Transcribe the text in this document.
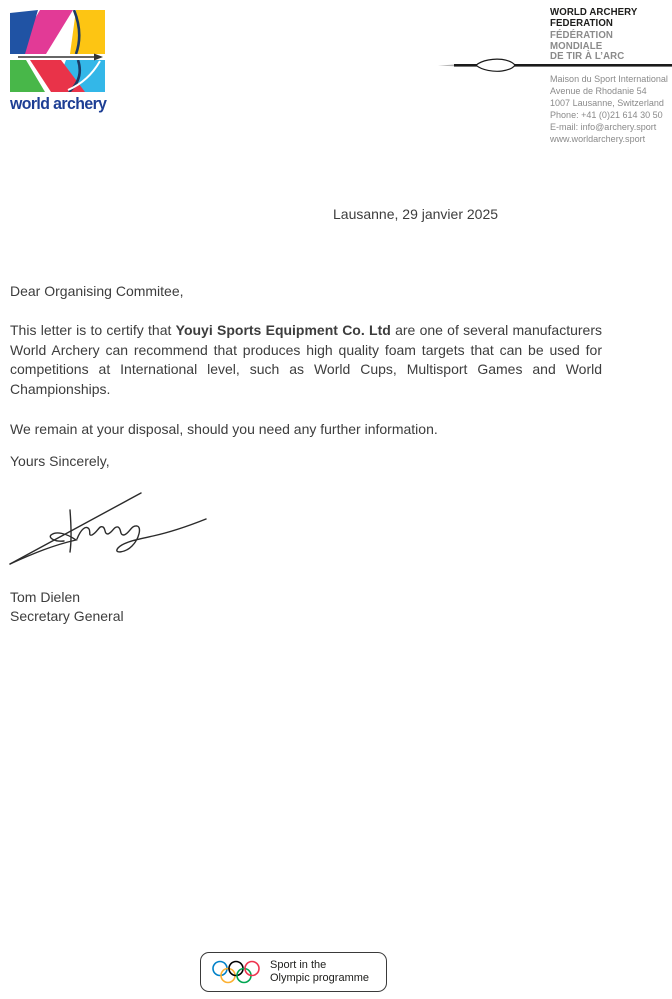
world archery
WORLD ARCHERY
FEDERATION
FÉDÉRATION
MONDIALE
DE TIR À L’ARC
Maison du Sport International
Avenue de Rhodanie 54
1007 Lausanne, Switzerland
Phone: +41 (0)21 614 30 50
E-mail: info@archery.sport
www.worldarchery.sport
Lausanne, 29 janvier 2025
Dear Organising Commitee,

This letter is to certify that Youyi Sports Equipment Co. Ltd are one of several manufacturers World Archery can recommend that produces high quality foam targets that can be used for competitions at International level, such as World Cups, Multisport Games and World Championships.

We remain at your disposal, should you need any further information.
Yours Sincerely,
Tom Dielen
Secretary General
Sport in the
Olympic programme
